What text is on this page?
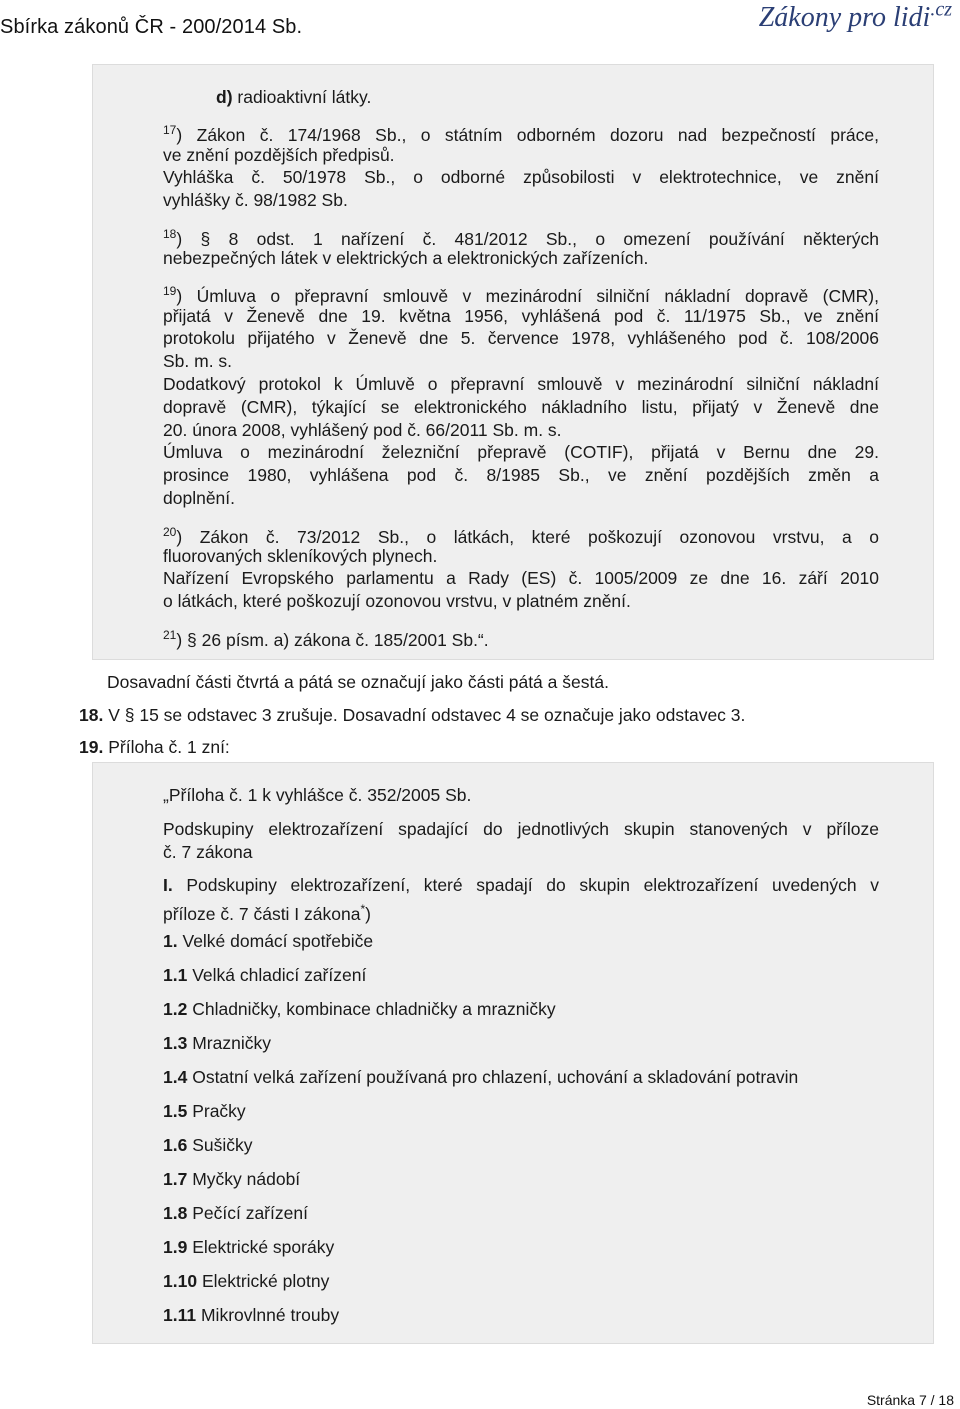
Sbírka zákonů ČR - 200/2014 Sb.	Zákony pro lidi$^{.cz}$
d) radioaktivní látky.
$^{17}$) Zákon č. 174/1968 Sb., o státním odborném dozoru nad bezpečností práce,
ve znění pozdějších předpisů.
Vyhláška č. 50/1978 Sb., o odborné způsobilosti v elektrotechnice, ve znění
vyhlášky č. 98/1982 Sb.
$^{18}$) § 8 odst. 1 nařízení č. 481/2012 Sb., o omezení používání některých
nebezpečných látek v elektrických a elektronických zařízeních.
$^{19}$) Úmluva o přepravní smlouvě v mezinárodní silniční nákladní dopravě (CMR),
přijatá v Ženevě dne 19. května 1956, vyhlášená pod č. 11/1975 Sb., ve znění
protokolu přijatého v Ženevě dne 5. července 1978, vyhlášeného pod č. 108/2006
Sb. m. s.
Dodatkový protokol k Úmluvě o přepravní smlouvě v mezinárodní silniční nákladní
dopravě (CMR), týkající se elektronického nákladního listu, přijatý v Ženevě dne
20. února 2008, vyhlášený pod č. 66/2011 Sb. m. s.
Úmluva o mezinárodní železniční přepravě (COTIF), přijatá v Bernu dne 29.
prosince 1980, vyhlášena pod č. 8/1985 Sb., ve znění pozdějších změn a
doplnění.
$^{20}$) Zákon č. 73/2012 Sb., o látkách, které poškozují ozonovou vrstvu, a o
fluorovaných skleníkových plynech.
Nařízení Evropského parlamentu a Rady (ES) č. 1005/2009 ze dne 16. září 2010
o látkách, které poškozují ozonovou vrstvu, v platném znění.
$^{21}$) § 26 písm. a) zákona č. 185/2001 Sb.“.
Dosavadní části čtvrtá a pátá se označují jako části pátá a šestá.
18. V § 15 se odstavec 3 zrušuje. Dosavadní odstavec 4 se označuje jako odstavec 3.
19. Příloha č. 1 zní:
„Příloha č. 1 k vyhlášce č. 352/2005 Sb.
Podskupiny elektrozařízení spadající do jednotlivých skupin stanovených v příloze
č. 7 zákona
I. Podskupiny elektrozařízení, které spadají do skupin elektrozařízení uvedených v
příloze č. 7 části I zákona*)
1. Velké domácí spotřebiče
1.1 Velká chladicí zařízení
1.2 Chladničky, kombinace chladničky a mrazničky
1.3 Mrazničky
1.4 Ostatní velká zařízení používaná pro chlazení, uchování a skladování potravin
1.5 Pračky
1.6 Sušičky
1.7 Myčky nádobí
1.8 Pečící zařízení
1.9 Elektrické sporáky
1.10 Elektrické plotny
1.11 Mikrovlnné trouby
Stránka 7 / 18
